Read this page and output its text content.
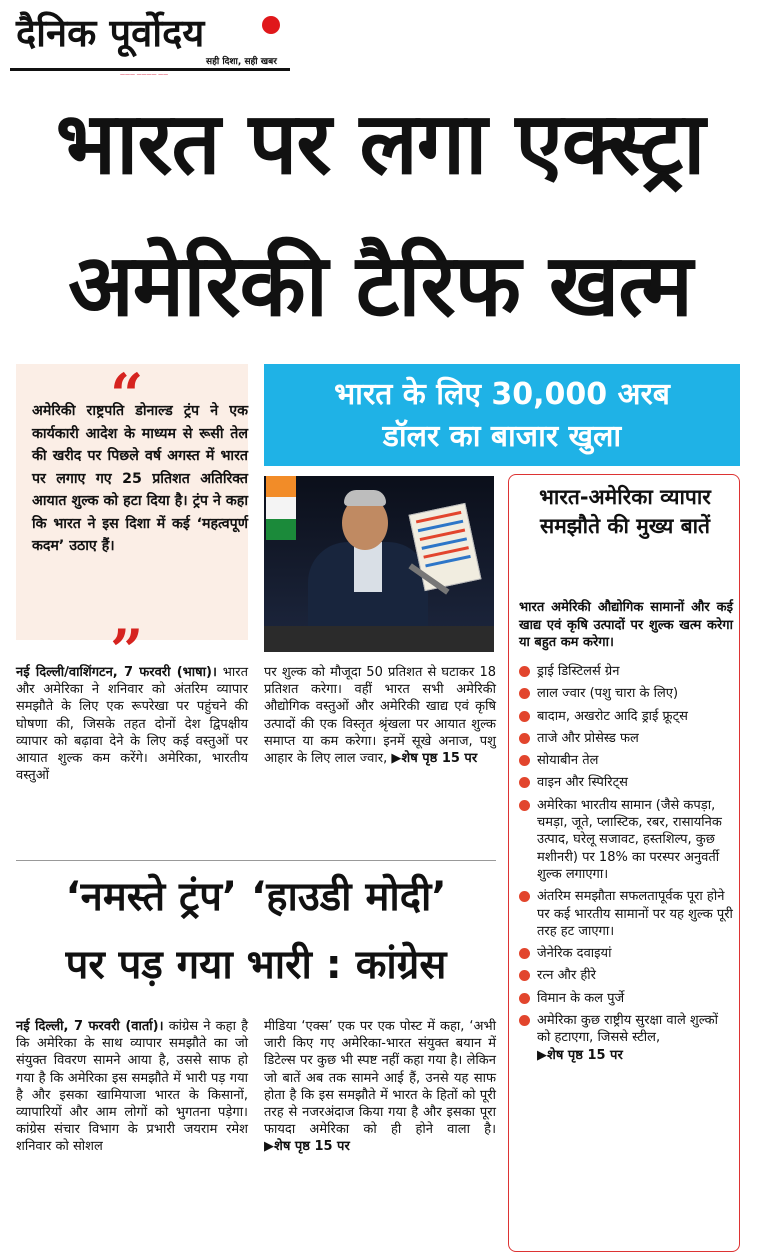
दैनिक पूर्वोदय
सही दिशा, सही खबर
——— ———— ——
भारत पर लगा एक्स्ट्रा
अमेरिकी टैरिफ खत्म
“
अमेरिकी राष्ट्रपति डोनाल्ड ट्रंप ने एक कार्यकारी आदेश के माध्यम से रूसी तेल की खरीद पर पिछले वर्ष अगस्त में भारत पर लगाए गए 25 प्रतिशत अतिरिक्त आयात शुल्क को हटा दिया है। ट्रंप ने कहा कि भारत ने इस दिशा में कई ‘महत्वपूर्ण कदम’ उठाए हैं।
”
भारत के लिए 30,000 अरब
डॉलर का बाजार खुला
नई दिल्ली/वाशिंगटन, 7 फरवरी (भाषा)। भारत और अमेरिका ने शनिवार को अंतरिम व्यापार समझौते के लिए एक रूपरेखा पर पहुंचने की घोषणा की, जिसके तहत दोनों देश द्विपक्षीय व्यापार को बढ़ावा देने के लिए कई वस्तुओं पर आयात शुल्क कम करेंगे। अमेरिका, भारतीय वस्तुओं
पर शुल्क को मौजूदा 50 प्रतिशत से घटाकर 18 प्रतिशत करेगा। वहीं भारत सभी अमेरिकी औद्योगिक वस्तुओं और अमेरिकी खाद्य एवं कृषि उत्पादों की एक विस्तृत श्रृंखला पर आयात शुल्क समाप्त या कम करेगा। इनमें सूखे अनाज, पशु आहार के लिए लाल ज्वार, ▶शेष पृष्ठ 15 पर
‘नमस्ते ट्रंप’ ‘हाउडी मोदी’
पर पड़ गया भारी : कांग्रेस
नई दिल्ली, 7 फरवरी (वार्ता)। कांग्रेस ने कहा है कि अमेरिका के साथ व्यापार समझौते का जो संयुक्त विवरण सामने आया है, उससे साफ हो गया है कि अमेरिका इस समझौते में भारी पड़ गया है और इसका खामियाजा भारत के किसानों, व्यापारियों और आम लोगों को भुगतना पड़ेगा। कांग्रेस संचार विभाग के प्रभारी जयराम रमेश शनिवार को सोशल
मीडिया ‘एक्स’ एक पर एक पोस्ट में कहा, ‘अभी जारी किए गए अमेरिका-भारत संयुक्त बयान में डिटेल्स पर कुछ भी स्पष्ट नहीं कहा गया है। लेकिन जो बातें अब तक सामने आई हैं, उनसे यह साफ होता है कि इस समझौते में भारत के हितों को पूरी तरह से नजरअंदाज किया गया है और इसका पूरा फायदा अमेरिका को ही होने वाला है। ▶शेष पृष्ठ 15 पर
भारत-अमेरिका व्यापार समझौते की मुख्य बातें
भारत अमेरिकी औद्योगिक सामानों और कई खाद्य एवं कृषि उत्पादों पर शुल्क खत्म करेगा या बहुत कम करेगा।
ड्राई डिस्टिलर्स ग्रेन
लाल ज्वार (पशु चारा के लिए)
बादाम, अखरोट आदि ड्राई फ्रूट्स
ताजे और प्रोसेस्ड फल
सोयाबीन तेल
वाइन और स्पिरिट्स
अमेरिका भारतीय सामान (जैसे कपड़ा, चमड़ा, जूते, प्लास्टिक, रबर, रासायनिक उत्पाद, घरेलू सजावट, हस्तशिल्प, कुछ मशीनरी) पर 18% का परस्पर अनुवर्ती शुल्क लगाएगा।
अंतरिम समझौता सफलतापूर्वक पूरा होने पर कई भारतीय सामानों पर यह शुल्क पूरी तरह हट जाएगा।
जेनेरिक दवाइयां
रत्न और हीरे
विमान के कल पुर्जे
अमेरिका कुछ राष्ट्रीय सुरक्षा वाले शुल्कों को हटाएगा, जिससे स्टील, ▶शेष पृष्ठ 15 पर
